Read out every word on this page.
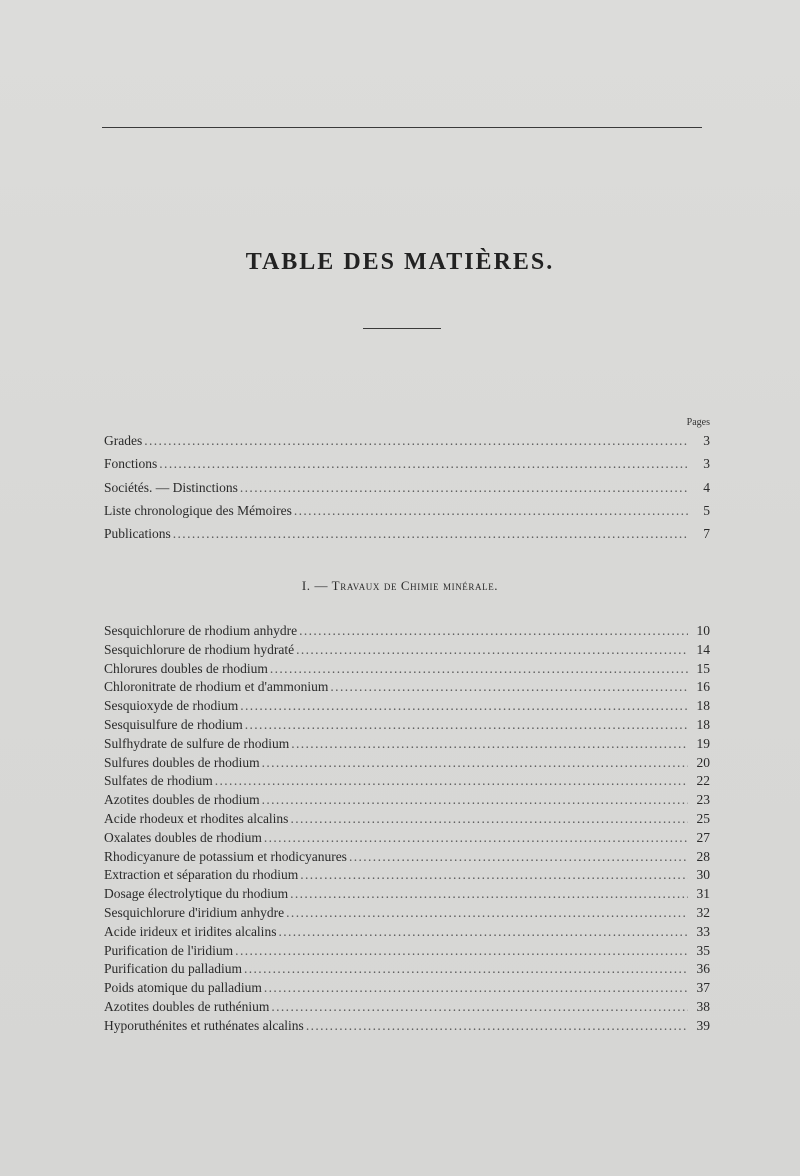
TABLE DES MATIÈRES.
Pages
Grades .....	3
Fonctions .....	3
Sociétés. — Distinctions .....	4
Liste chronologique des Mémoires .....	5
Publications .....	7
I. — Travaux de Chimie minérale.
Sesquichlorure de rhodium anhydre .....	10
Sesquichlorure de rhodium hydraté .....	14
Chlorures doubles de rhodium .....	15
Chloronitrate de rhodium et d'ammonium .....	16
Sesquioxyde de rhodium .....	18
Sesquisulfure de rhodium .....	18
Sulfhydrate de sulfure de rhodium .....	19
Sulfures doubles de rhodium .....	20
Sulfates de rhodium .....	22
Azotites doubles de rhodium .....	23
Acide rhodeux et rhodites alcalins .....	25
Oxalates doubles de rhodium .....	27
Rhodicyanure de potassium et rhodicyanures .....	28
Extraction et séparation du rhodium .....	30
Dosage électrolytique du rhodium .....	31
Sesquichlorure d'iridium anhydre .....	32
Acide irideux et iridites alcalins .....	33
Purification de l'iridium .....	35
Purification du palladium .....	36
Poids atomique du palladium .....	37
Azotites doubles de ruthénium .....	38
Hyporuthénites et ruthénates alcalins .....	39
